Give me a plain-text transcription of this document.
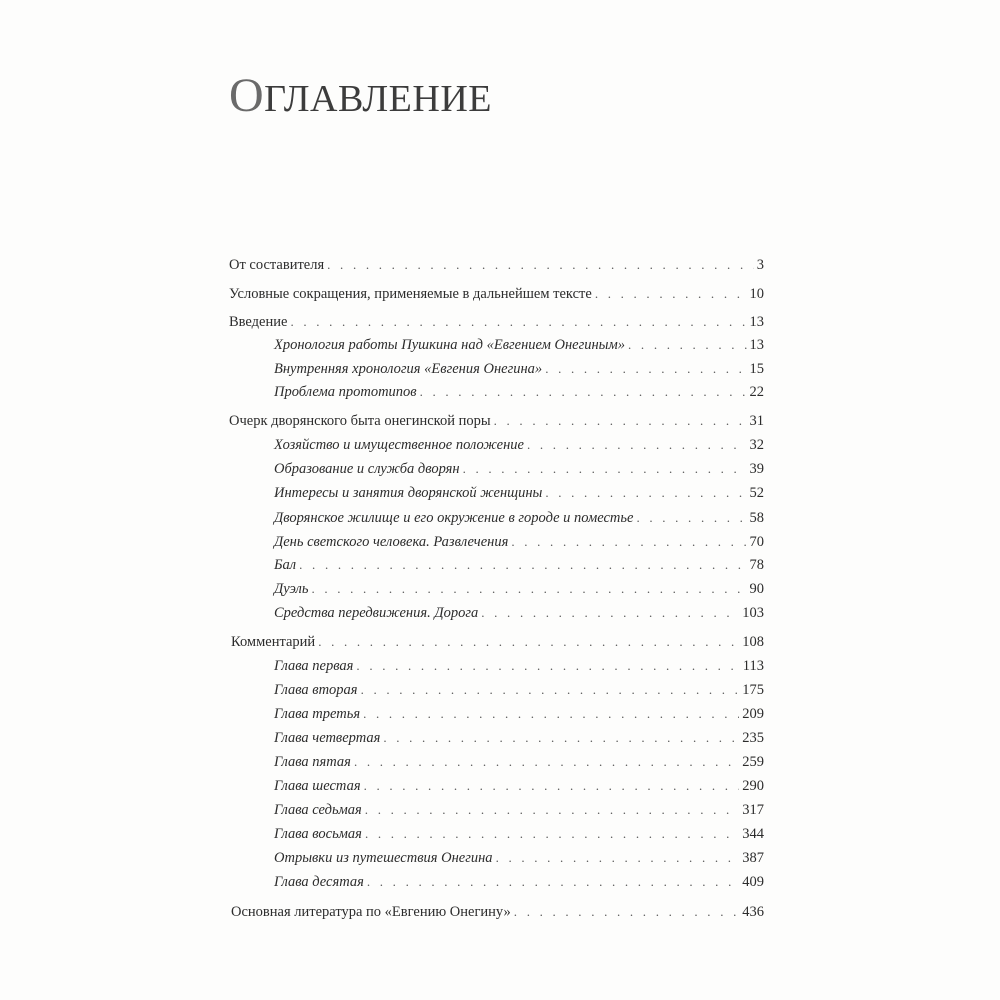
ОГЛАВЛЕНИЕ
От составителя . . .	3
Условные сокращения, применяемые в дальнейшем тексте . . .	10
Введение . . .	13
Хронология работы Пушкина над «Евгением Онегиным» . . .	13
Внутренняя хронология «Евгения Онегина» . . .	15
Проблема прототипов . . .	22
Очерк дворянского быта онегинской поры . . .	31
Хозяйство и имущественное положение . . .	32
Образование и служба дворян . . .	39
Интересы и занятия дворянской женщины . . .	52
Дворянское жилище и его окружение в городе и поместье . . .	58
День светского человека. Развлечения . . .	70
Бал . . .	78
Дуэль . . .	90
Средства передвижения. Дорога . . .	103
Комментарий . . .	108
Глава первая . . .	113
Глава вторая . . .	175
Глава третья . . .	209
Глава четвертая . . .	235
Глава пятая . . .	259
Глава шестая . . .	290
Глава седьмая . . .	317
Глава восьмая . . .	344
Отрывки из путешествия Онегина . . .	387
Глава десятая . . .	409
Основная литература по «Евгению Онегину» . . .	436
